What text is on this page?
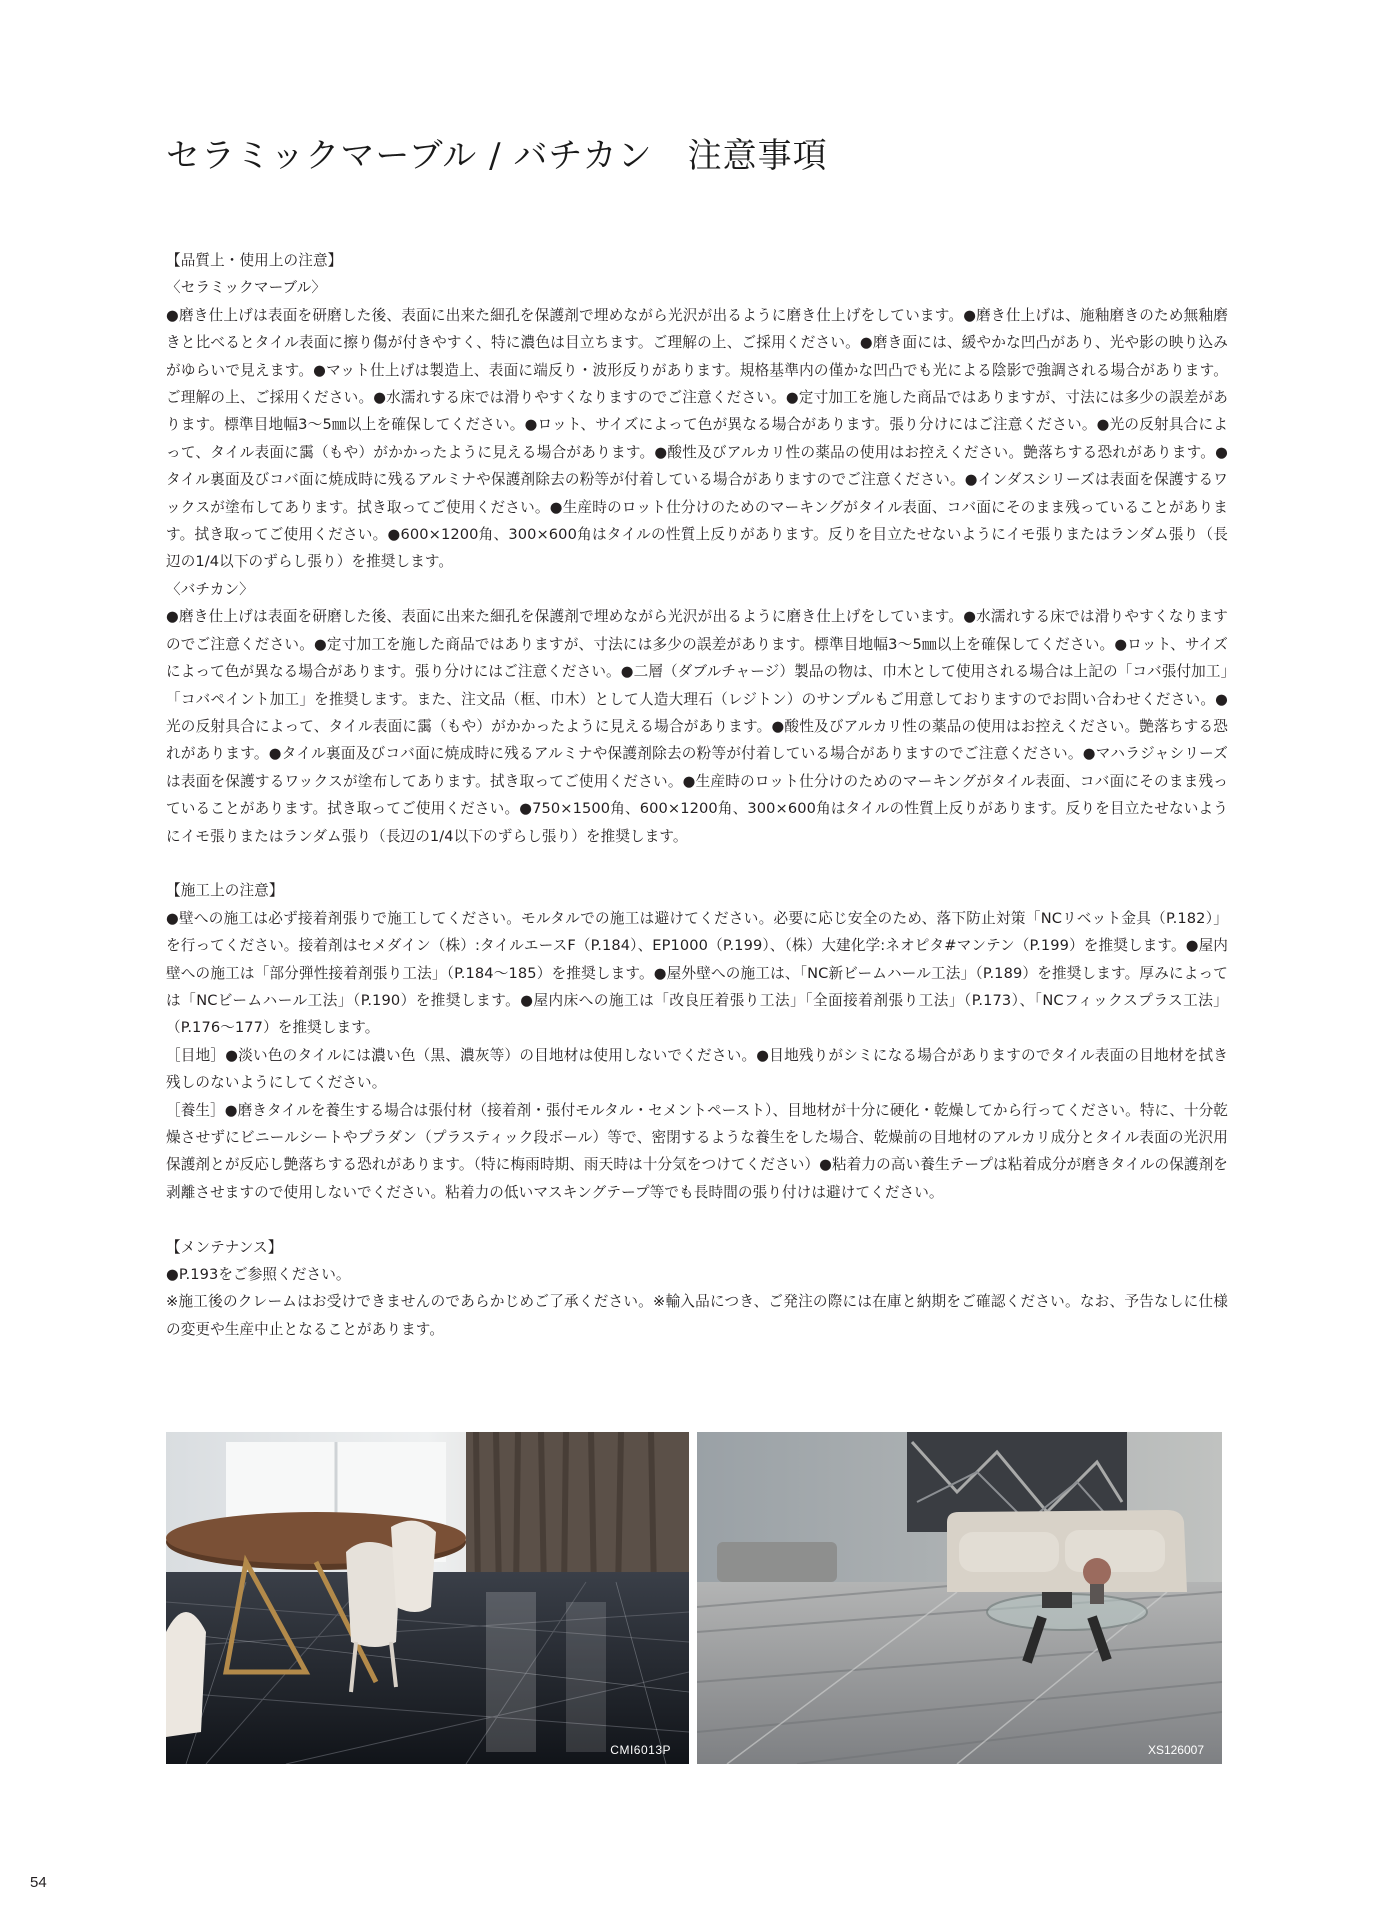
セラミックマーブル / バチカン　注意事項
【品質上・使用上の注意】
〈セラミックマーブル〉
●磨き仕上げは表面を研磨した後、表面に出来た細孔を保護剤で埋めながら光沢が出るように磨き仕上げをしています。●磨き仕上げは、施釉磨きのため無釉磨きと比べるとタイル表面に擦り傷が付きやすく、特に濃色は目立ちます。ご理解の上、ご採用ください。●磨き面には、緩やかな凹凸があり、光や影の映り込みがゆらいで見えます。●マット仕上げは製造上、表面に端反り・波形反りがあります。規格基準内の僅かな凹凸でも光による陰影で強調される場合があります。ご理解の上、ご採用ください。●水濡れする床では滑りやすくなりますのでご注意ください。●定寸加工を施した商品ではありますが、寸法には多少の誤差があります。標準目地幅3〜5㎜以上を確保してください。●ロット、サイズによって色が異なる場合があります。張り分けにはご注意ください。●光の反射具合によって、タイル表面に靄（もや）がかかったように見える場合があります。●酸性及びアルカリ性の薬品の使用はお控えください。艶落ちする恐れがあります。●タイル裏面及びコバ面に焼成時に残るアルミナや保護剤除去の粉等が付着している場合がありますのでご注意ください。●インダスシリーズは表面を保護するワックスが塗布してあります。拭き取ってご使用ください。●生産時のロット仕分けのためのマーキングがタイル表面、コバ面にそのまま残っていることがあります。拭き取ってご使用ください。●600×1200角、300×600角はタイルの性質上反りがあります。反りを目立たせないようにイモ張りまたはランダム張り（長辺の1/4以下のずらし張り）を推奨します。
〈バチカン〉
●磨き仕上げは表面を研磨した後、表面に出来た細孔を保護剤で埋めながら光沢が出るように磨き仕上げをしています。●水濡れする床では滑りやすくなりますのでご注意ください。●定寸加工を施した商品ではありますが、寸法には多少の誤差があります。標準目地幅3〜5㎜以上を確保してください。●ロット、サイズによって色が異なる場合があります。張り分けにはご注意ください。●二層（ダブルチャージ）製品の物は、巾木として使用される場合は上記の「コバ張付加工」「コバペイント加工」を推奨します。また、注文品（框、巾木）として人造大理石（レジトン）のサンプルもご用意しておりますのでお問い合わせください。●光の反射具合によって、タイル表面に靄（もや）がかかったように見える場合があります。●酸性及びアルカリ性の薬品の使用はお控えください。艶落ちする恐れがあります。●タイル裏面及びコバ面に焼成時に残るアルミナや保護剤除去の粉等が付着している場合がありますのでご注意ください。●マハラジャシリーズは表面を保護するワックスが塗布してあります。拭き取ってご使用ください。●生産時のロット仕分けのためのマーキングがタイル表面、コバ面にそのまま残っていることがあります。拭き取ってご使用ください。●750×1500角、600×1200角、300×600角はタイルの性質上反りがあります。反りを目立たせないようにイモ張りまたはランダム張り（長辺の1/4以下のずらし張り）を推奨します。
【施工上の注意】
●壁への施工は必ず接着剤張りで施工してください。モルタルでの施工は避けてください。必要に応じ安全のため、落下防止対策「NCリベット金具（P.182）」を行ってください。接着剤はセメダイン（株）:タイルエースF（P.184）、EP1000（P.199）、（株）大建化学:ネオピタ#マンテン（P.199）を推奨します。●屋内壁への施工は「部分弾性接着剤張り工法」（P.184〜185）を推奨します。●屋外壁への施工は、「NC新ビームハール工法」（P.189）を推奨します。厚みによっては「NCビームハール工法」（P.190）を推奨します。●屋内床への施工は「改良圧着張り工法」「全面接着剤張り工法」（P.173）、「NCフィックスプラス工法」（P.176〜177）を推奨します。
［目地］●淡い色のタイルには濃い色（黒、濃灰等）の目地材は使用しないでください。●目地残りがシミになる場合がありますのでタイル表面の目地材を拭き残しのないようにしてください。
［養生］●磨きタイルを養生する場合は張付材（接着剤・張付モルタル・セメントペースト）、目地材が十分に硬化・乾燥してから行ってください。特に、十分乾燥させずにビニールシートやプラダン（プラスティック段ボール）等で、密閉するような養生をした場合、乾燥前の目地材のアルカリ成分とタイル表面の光沢用保護剤とが反応し艶落ちする恐れがあります。（特に梅雨時期、雨天時は十分気をつけてください）●粘着力の高い養生テープは粘着成分が磨きタイルの保護剤を剥離させますので使用しないでください。粘着力の低いマスキングテープ等でも長時間の張り付けは避けてください。
【メンテナンス】
●P.193をご参照ください。
※施工後のクレームはお受けできませんのであらかじめご了承ください。※輸入品につき、ご発注の際には在庫と納期をご確認ください。なお、予告なしに仕様の変更や生産中止となることがあります。
CMI6013P	XS126007
54
